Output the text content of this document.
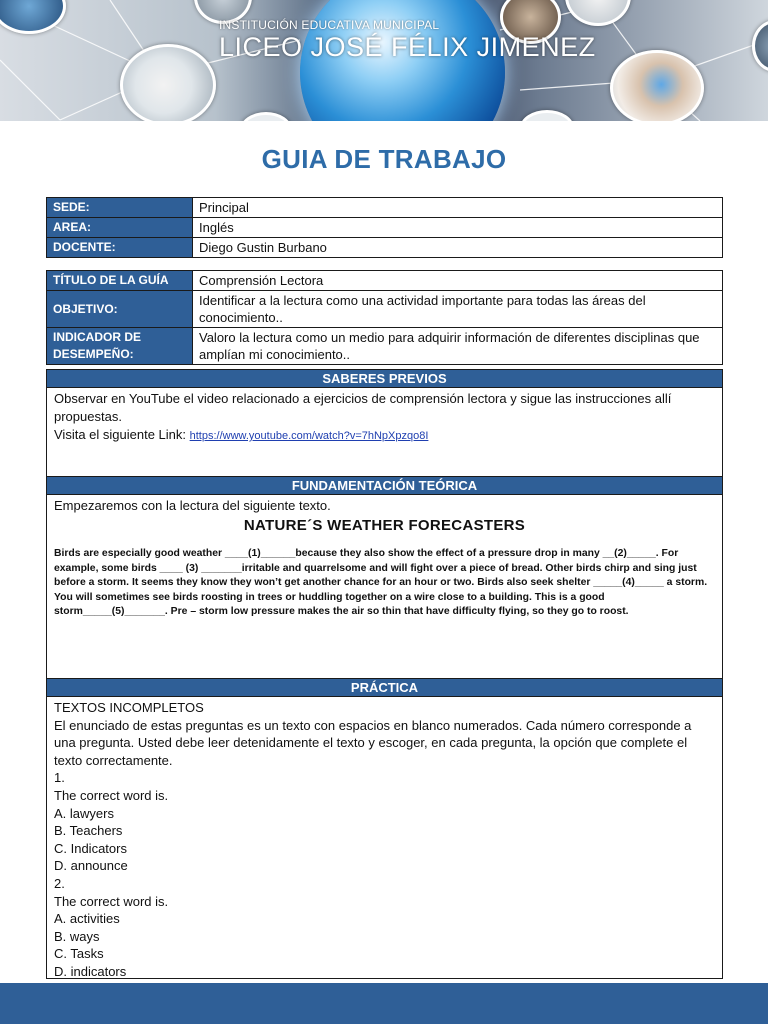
INSTITUCIÓN EDUCATIVA MUNICIPAL
LICEO JOSÉ FÉLIX JIMENEZ
GUIA DE TRABAJO
SEDE:	Principal
AREA:	Inglés
DOCENTE:	Diego Gustin Burbano
TÍTULO DE LA GUÍA	Comprensión Lectora
OBJETIVO:	Identificar a la lectura como una actividad importante para todas las áreas del conocimiento..
INDICADOR DE DESEMPEÑO:	Valoro la lectura como un medio para adquirir información de diferentes disciplinas que amplían mi conocimiento..
SABERES PREVIOS
Observar en YouTube el video relacionado a ejercicios de comprensión lectora y sigue las instrucciones allí propuestas.
Visita el siguiente Link: https://www.youtube.com/watch?v=7hNpXpzqo8I
FUNDAMENTACIÓN TEÓRICA
Empezaremos con la lectura del siguiente texto.
NATURE´S WEATHER FORECASTERS
Birds are especially good weather ____(1)______because they also show the effect of a pressure drop in many __(2)_____. For example, some birds ____ (3) _______irritable and quarrelsome and will fight over a piece of bread. Other birds chirp and sing just before a storm. It seems they know they won’t get another chance for an hour or two. Birds also seek shelter _____(4)_____ a storm. You will sometimes see birds roosting in trees or huddling together on a wire close to a building. This is a good storm_____(5)_______. Pre – storm low pressure makes the air so thin that have difficulty flying, so they go to roost.
PRÁCTICA
TEXTOS INCOMPLETOS
El enunciado de estas preguntas es un texto con espacios en blanco numerados. Cada número corresponde a una pregunta. Usted debe leer detenidamente el texto y escoger, en cada pregunta, la opción que complete el texto correctamente.
1.
The correct word is.
A. lawyers
B. Teachers
C. Indicators
D. announce
2.
The correct word is.
A. activities
B. ways
C. Tasks
D. indicators
